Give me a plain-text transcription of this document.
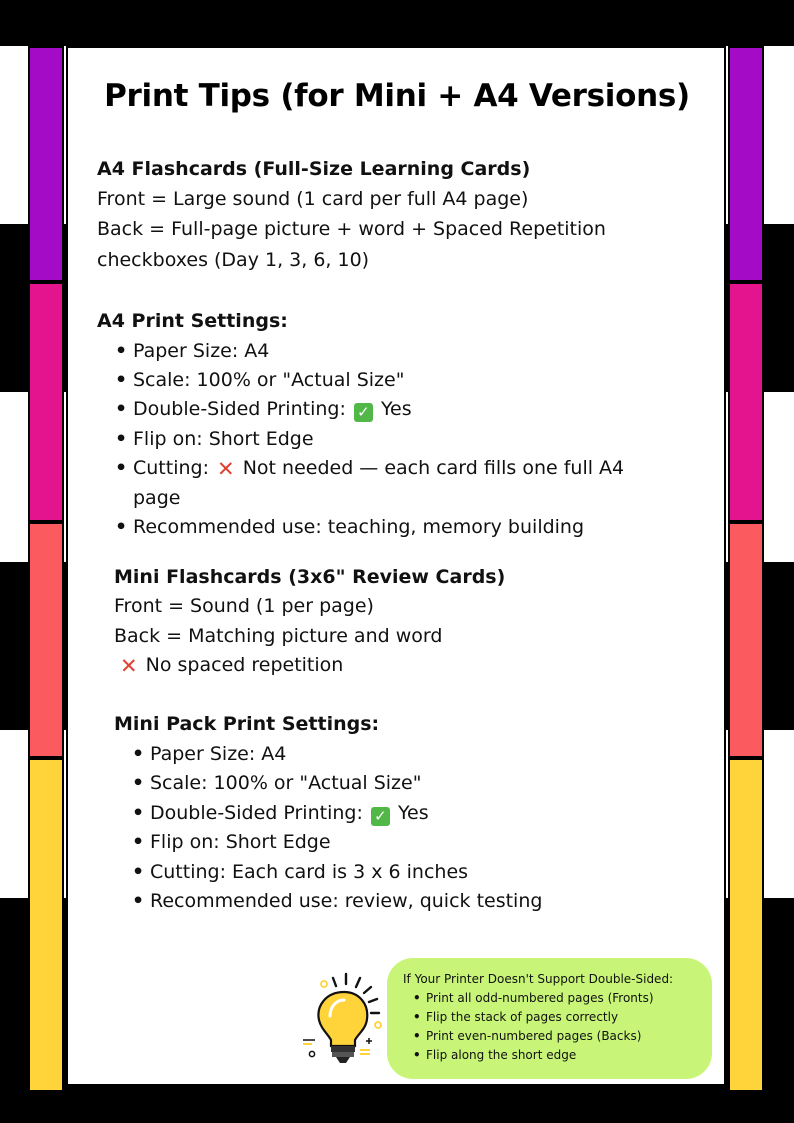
Print Tips (for Mini + A4 Versions)
A4 Flashcards (Full-Size Learning Cards)
Front = Large sound (1 card per full A4 page)
Back = Full-page picture + word + Spaced Repetition
checkboxes (Day 1, 3, 6, 10)
A4 Print Settings:
• Paper Size: A4
• Scale: 100% or "Actual Size"
• Double-Sided Printing: ✓ Yes
• Flip on: Short Edge
• Cutting: ✕ Not needed — each card fills one full A4
page
• Recommended use: teaching, memory building
Mini Flashcards (3x6" Review Cards)
Front = Sound (1 per page)
Back = Matching picture and word
✕ No spaced repetition
Mini Pack Print Settings:
• Paper Size: A4
• Scale: 100% or "Actual Size"
• Double-Sided Printing: ✓ Yes
• Flip on: Short Edge
• Cutting: Each card is 3 x 6 inches
• Recommended use: review, quick testing
If Your Printer Doesn't Support Double-Sided:
• Print all odd-numbered pages (Fronts)
• Flip the stack of pages correctly
• Print even-numbered pages (Backs)
• Flip along the short edge
